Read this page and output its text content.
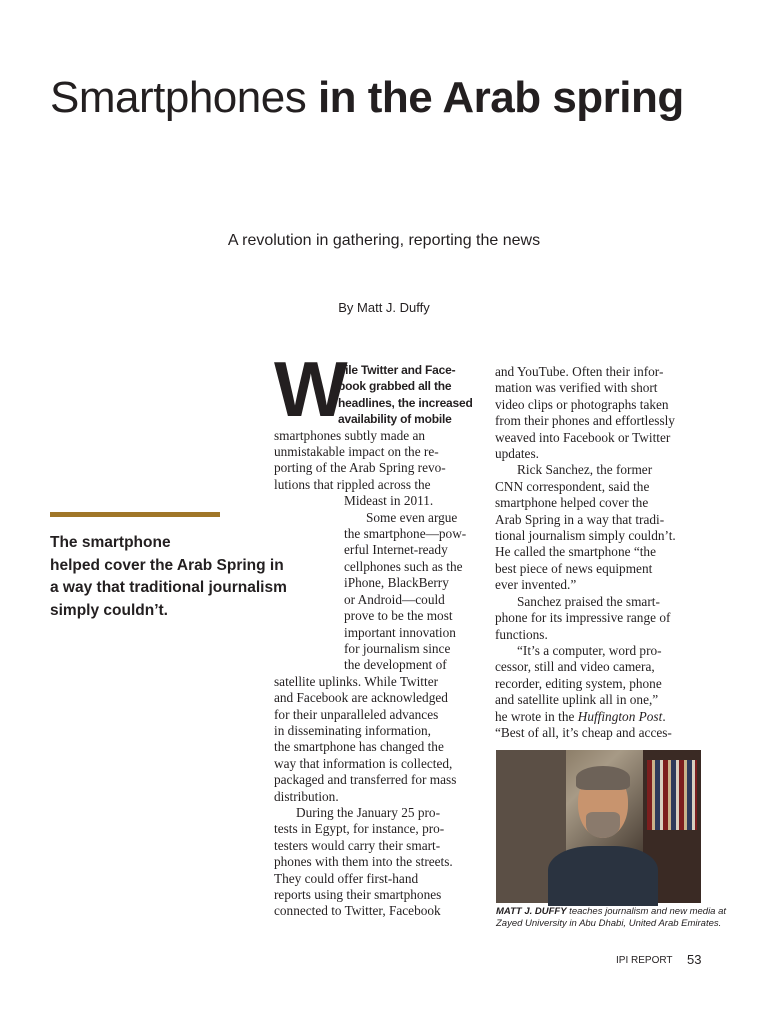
Smartphones in the Arab spring
A revolution in gathering, reporting the news
By Matt J. Duffy

The smartphone
helped cover the Arab Spring in
a way that traditional journalism
simply couldn’t.

W
hile Twitter and Face-
book grabbed all the
headlines, the increased
availability of mobile
smartphones subtly made an
unmistakable impact on the re-
porting of the Arab Spring revo-
lutions that rippled across the
Mideast in 2011.
Some even argue
the smartphone—pow-
erful Internet-ready
cellphones such as the
iPhone, BlackBerry
or Android—could
prove to be the most
important innovation
for journalism since
the development of
satellite uplinks. While Twitter
and Facebook are acknowledged
for their unparalleled advances
in disseminating information,
the smartphone has changed the
way that information is collected,
packaged and transferred for mass
distribution.
During the January 25 pro-
tests in Egypt, for instance, pro-
testers would carry their smart-
phones with them into the streets.
They could offer first-hand
reports using their smartphones
connected to Twitter, Facebook
and YouTube. Often their infor-
mation was verified with short
video clips or photographs taken
from their phones and effortlessly
weaved into Facebook or Twitter
updates.
Rick Sanchez, the former
CNN correspondent, said the
smartphone helped cover the
Arab Spring in a way that tradi-
tional journalism simply couldn’t.
He called the smartphone “the
best piece of news equipment
ever invented.”
Sanchez praised the smart-
phone for its impressive range of
functions.
“It’s a computer, word pro-
cessor, still and video camera,
recorder, editing system, phone
and satellite uplink all in one,”
he wrote in the Huffington Post.
“Best of all, it’s cheap and acces-
MATT J. DUFFY teaches journalism and new media at
Zayed University in Abu Dhabi, United Arab Emirates.
IPI REPORT 53
